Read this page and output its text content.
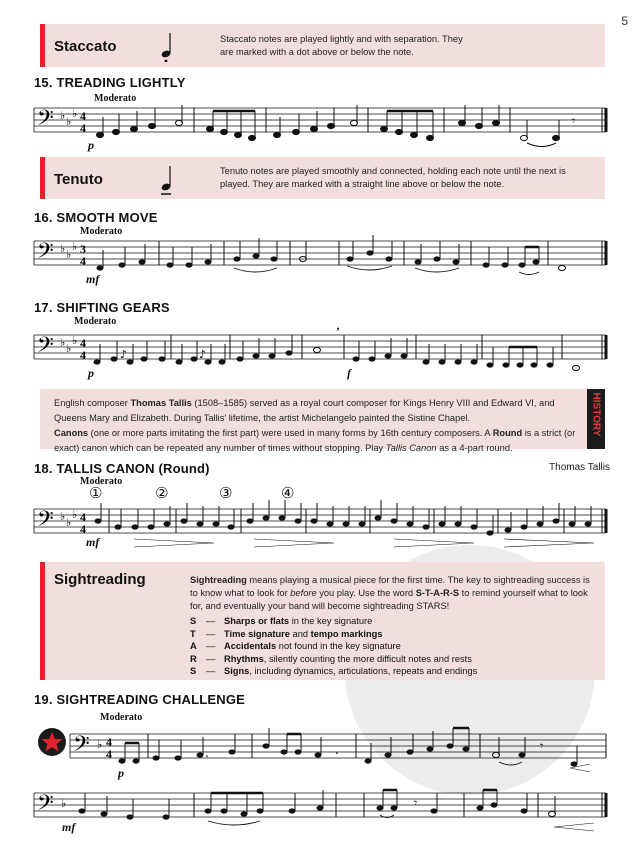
5
Staccato	Staccato notes are played lightly and with separation. They are marked with a dot above or below the note.
15. TREADING LIGHTLY
Moderato
𝄢 ♭ ♭
♭ 4
4	𝄾
p
Tenuto	Tenuto notes are played smoothly and connected, holding each note until the next is played. They are marked with a straight line above or below the note.
16. SMOOTH MOVE
Moderato
𝄢 ♭ ♭
♭ 3
4
mf
17. SHIFTING GEARS
Moderato
𝄢 ♭ ♭
♭ 4
4	♪	♪
,
p	f
English composer Thomas Tallis (1508–1585) served as a royal court composer for Kings Henry VIII and Edward VI, and Queens Mary and Elizabeth. During Tallis' lifetime, the artist Michelangelo painted the Sistine Chapel.
Canons (one or more parts imitating the first part) were used in many forms by 16th century composers. A Round is a strict (or exact) canon which can be repeated any number of times without stopping. Play Tallis Canon as a 4-part round.
HISTORY
18. TALLIS CANON (Round)	Thomas Tallis
Moderato
①	②	③	④
𝄢 ♭ ♭
♭ 4
4
mf
Sightreading	Sightreading means playing a musical piece for the first time. The key to sightreading success is to know what to look for before you play. Use the word S-T-A-R-S to remind yourself what to look for, and eventually your band will become sightreading STARS!
S	— Sharps or flats in the key signature
T	— Time signature and tempo markings
A — Accidentals not found in the key signature
R — Rhythms, silently counting the more difficult notes and rests
S	— Signs, including dynamics, articulations, repeats and endings
19. SIGHTREADING CHALLENGE
Moderato
𝄢 ♭ 4
4	.	.	𝄾
p
𝄢 ♭	𝄾
mf
